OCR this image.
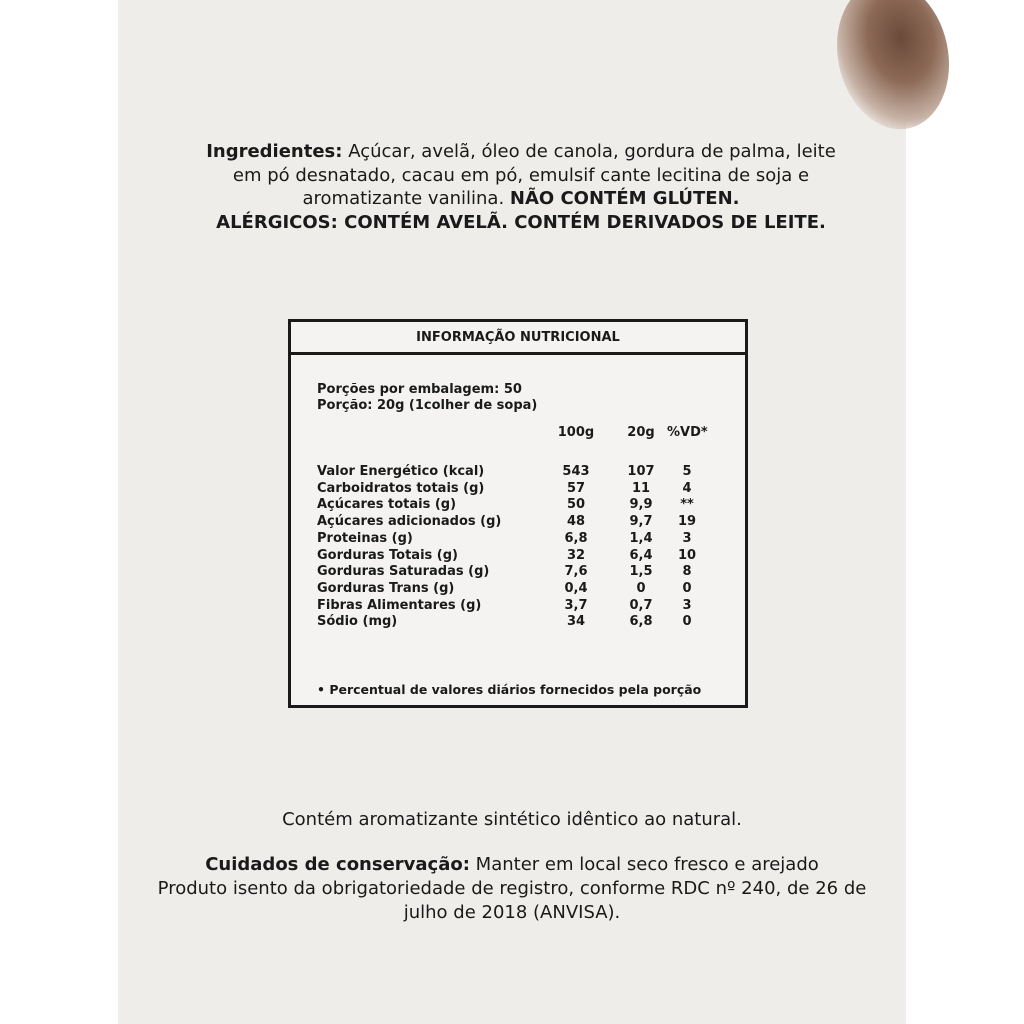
Ingredientes: Açúcar, avelã, óleo de canola, gordura de palma, leite em pó desnatado, cacau em pó, emulsif cante lecitina de soja e aromatizante vanilina. NÃO CONTÉM GLÚTEN.
ALÉRGICOS: CONTÉM AVELÃ. CONTÉM DERIVADOS DE LEITE.
INFORMAÇÃO NUTRICIONAL
Porções por embalagem: 50
Porção: 20g (1colher de sopa)
100g	20g %VD*
Valor Energético (kcal)
Carboidratos totais (g)
Açúcares totais (g)
Açúcares adicionados (g)
Proteinas (g)
Gorduras Totais (g)
Gorduras Saturadas (g)
Gorduras Trans (g)
Fibras Alimentares (g)
Sódio (mg)
543
57
50
48
6,8
32
7,6
0,4
3,7
34
107
11
9,9
9,7
1,4
6,4
1,5
0
0,7
6,8
5
4
**
19
3
10
8
0
3
0
• Percentual de valores diários fornecidos pela porção
Contém aromatizante sintético idêntico ao natural.
Cuidados de conservação: Manter em local seco fresco e arejado
Produto isento da obrigatoriedade de registro, conforme RDC nº 240, de 26 de julho de 2018 (ANVISA).
